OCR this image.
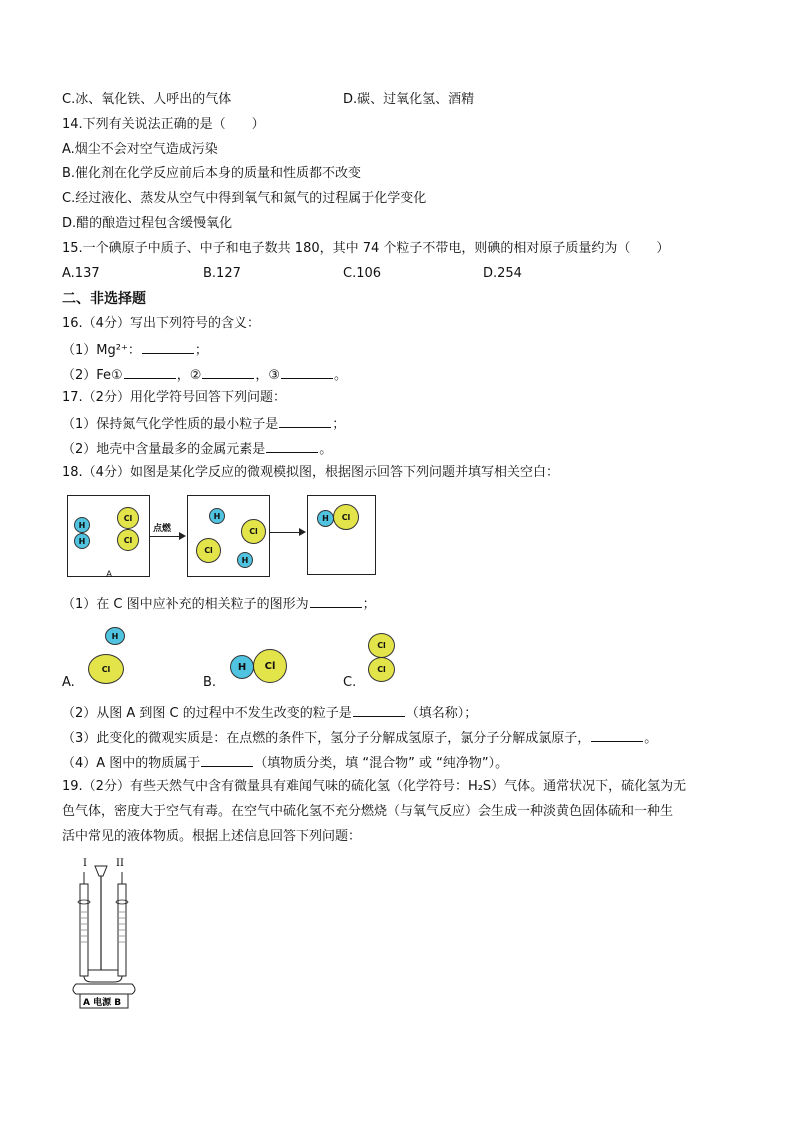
C.冰、氧化铁、人呼出的气体	D.碳、过氧化氢、酒精
14.下列有关说法正确的是（　　）
A.烟尘不会对空气造成污染
B.催化剂在化学反应前后本身的质量和性质都不改变
C.经过液化、蒸发从空气中得到氧气和氮气的过程属于化学变化
D.醋的酿造过程包含缓慢氧化
15.一个碘原子中质子、中子和电子数共 180，其中 74 个粒子不带电，则碘的相对原子质量约为（　　）
A.137	B.127	C.106	D.254
二、非选择题
16.（4分）写出下列符号的含义：
（1）Mg²⁺：	；
（2）Fe①	，②	，③	。
17.（2分）用化学符号回答下列问题：
（1）保持氮气化学性质的最小粒子是	；
（2）地壳中含量最多的金属元素是	。
18.（4分）如图是某化学反应的微观模拟图，根据图示回答下列问题并填写相关空白：
H
H
Cl
Cl
A
点燃
H
Cl
Cl
H
H	Cl
（1）在 C 图中应补充的相关粒子的图形为	；
A.
H
Cl
B.
H	Cl
C.
Cl
Cl
（2）从图 A 到图 C 的过程中不发生改变的粒子是	（填名称）；
（3）此变化的微观实质是：在点燃的条件下，氢分子分解成氢原子，氯分子分解成氯原子，	。
（4）A 图中的物质属于	（填物质分类，填 “混合物” 或 “纯净物”）。
19.（2分）有些天然气中含有微量具有难闻气味的硫化氢（化学符号：H₂S）气体。通常状况下，硫化氢为无
色气体，密度大于空气有毒。在空气中硫化氢不充分燃烧（与氧气反应）会生成一种淡黄色固体硫和一种生
活中常见的液体物质。根据上述信息回答下列问题：
I	II
A 电源 B
